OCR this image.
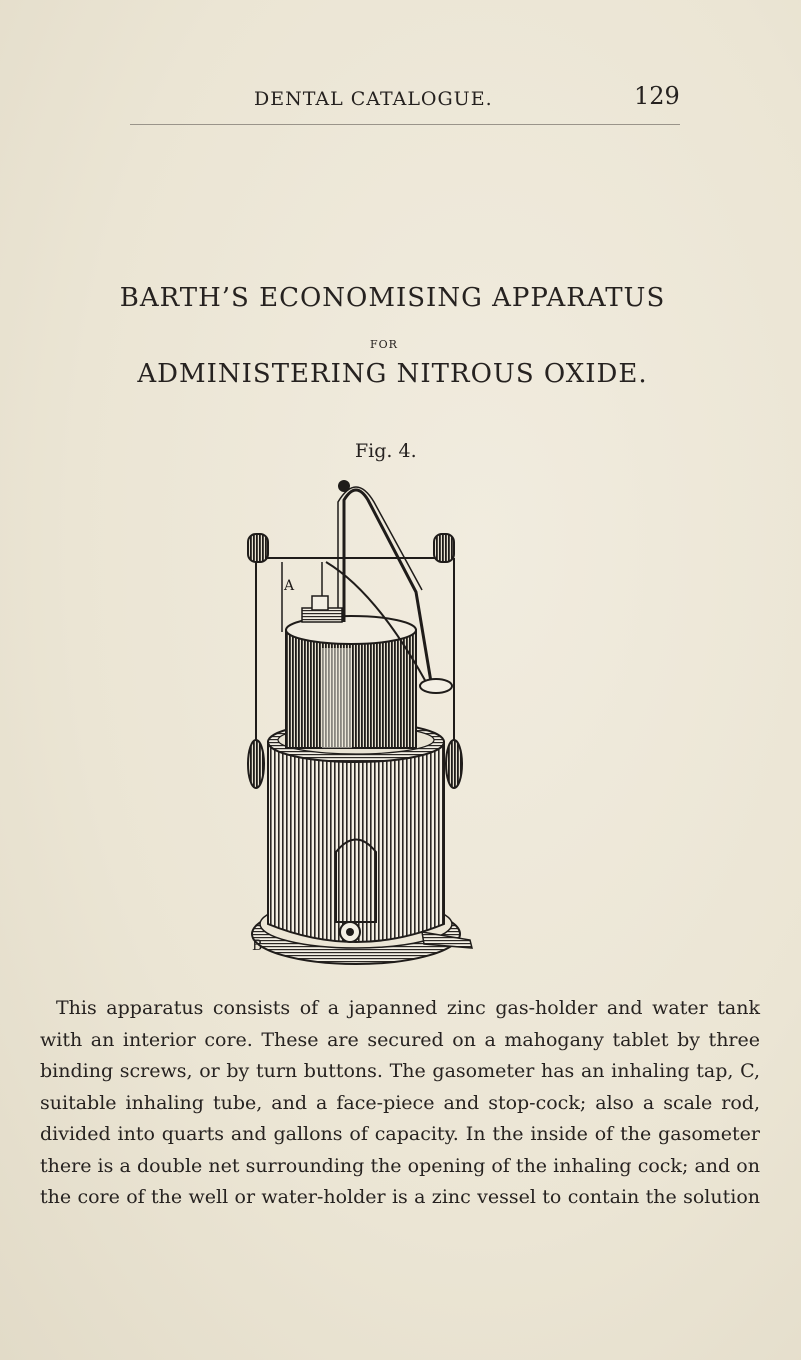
DENTAL CATALOGUE.	129
BARTH’S ECONOMISING APPARATUS
FOR
ADMINISTERING NITROUS OXIDE.
Fig. 4.
A
B
This apparatus consists of a japanned zinc gas-holder and water tank
with an interior core. These are secured on a mahogany tablet by three
binding screws, or by turn buttons. The gasometer has an inhaling tap, C,
suitable inhaling tube, and a face-piece and stop-cock; also a scale rod,
divided into quarts and gallons of capacity. In the inside of the gasometer
there is a double net surrounding the opening of the inhaling cock; and on
the core of the well or water-holder is a zinc vessel to contain the solution
